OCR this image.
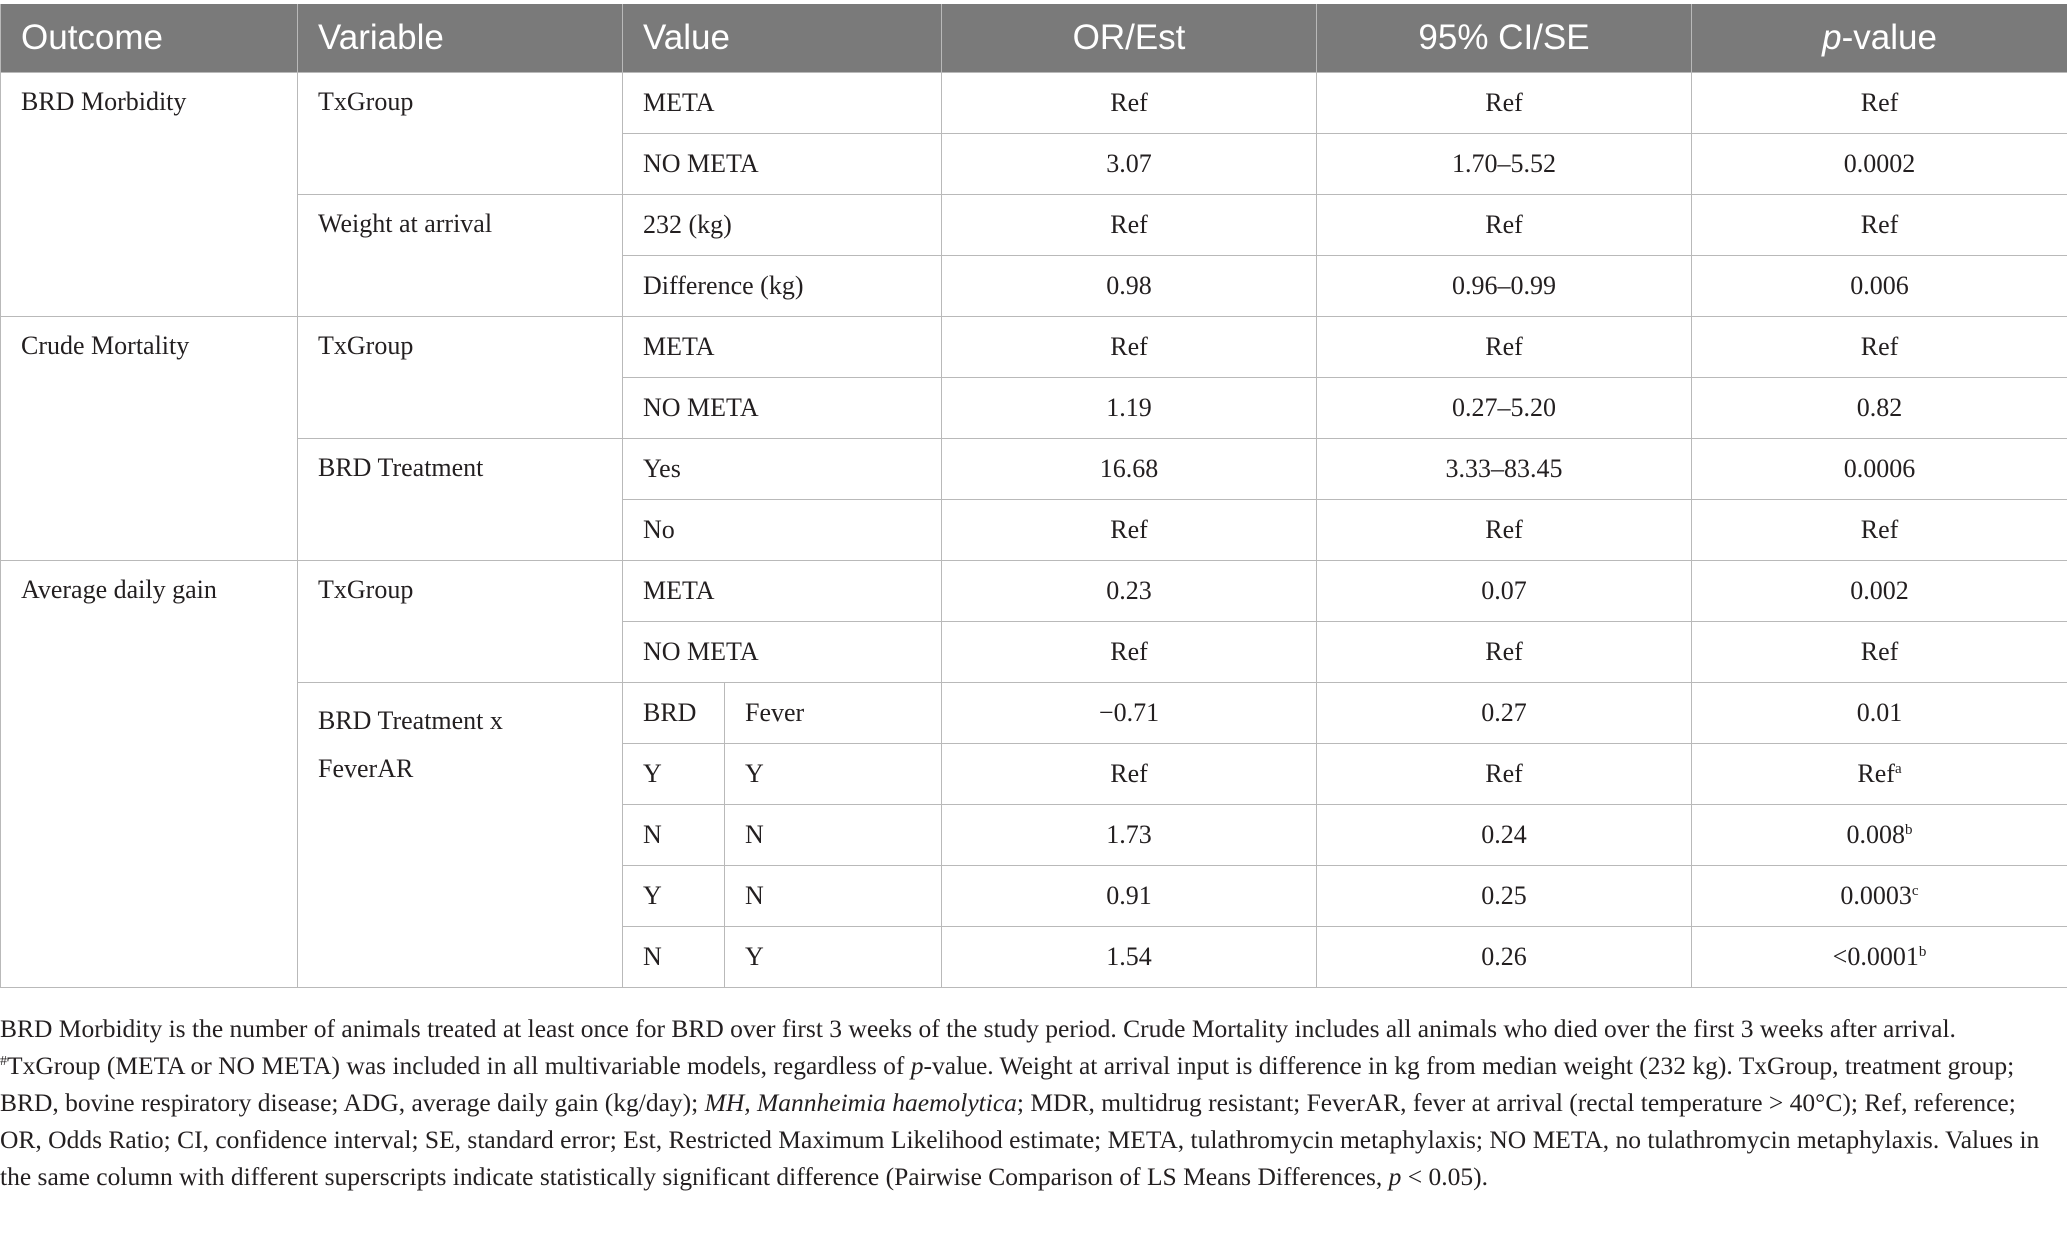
Outcome	Variable	Value		OR/Est	95% CI/SE	p-value
BRD Morbidity	TxGroup	META		Ref	Ref	Ref
		NO META		3.07	1.70–5.52	0.0002
	Weight at arrival	232 (kg)		Ref	Ref	Ref
		Difference (kg)		0.98	0.96–0.99	0.006
Crude Mortality	TxGroup	META		Ref	Ref	Ref
		NO META		1.19	0.27–5.20	0.82
	BRD Treatment	Yes		16.68	3.33–83.45	0.0006
		No		Ref	Ref	Ref
Average daily gain	TxGroup	META		0.23	0.07	0.002
		NO META		Ref	Ref	Ref
	BRD Treatment x FeverAR	BRD	Fever	−0.71	0.27	0.01
		Y	Y	Ref	Ref	Ref$^a$
		N	N	1.73	0.24	0.008$^b$
		Y	N	0.91	0.25	0.0003$^c$
		N	Y	1.54	0.26	<0.0001$^b$
BRD Morbidity is the number of animals treated at least once for BRD over first 3 weeks of the study period. Crude Mortality includes all animals who died over the first 3 weeks after arrival. #TxGroup (META or NO META) was included in all multivariable models, regardless of p-value. Weight at arrival input is difference in kg from median weight (232 kg). TxGroup, treatment group; BRD, bovine respiratory disease; ADG, average daily gain (kg/day); MH, Mannheimia haemolytica; MDR, multidrug resistant; FeverAR, fever at arrival (rectal temperature > 40°C); Ref, reference; OR, Odds Ratio; CI, confidence interval; SE, standard error; Est, Restricted Maximum Likelihood estimate; META, tulathromycin metaphylaxis; NO META, no tulathromycin metaphylaxis. Values in the same column with different superscripts indicate statistically significant difference (Pairwise Comparison of LS Means Differences, p < 0.05).
